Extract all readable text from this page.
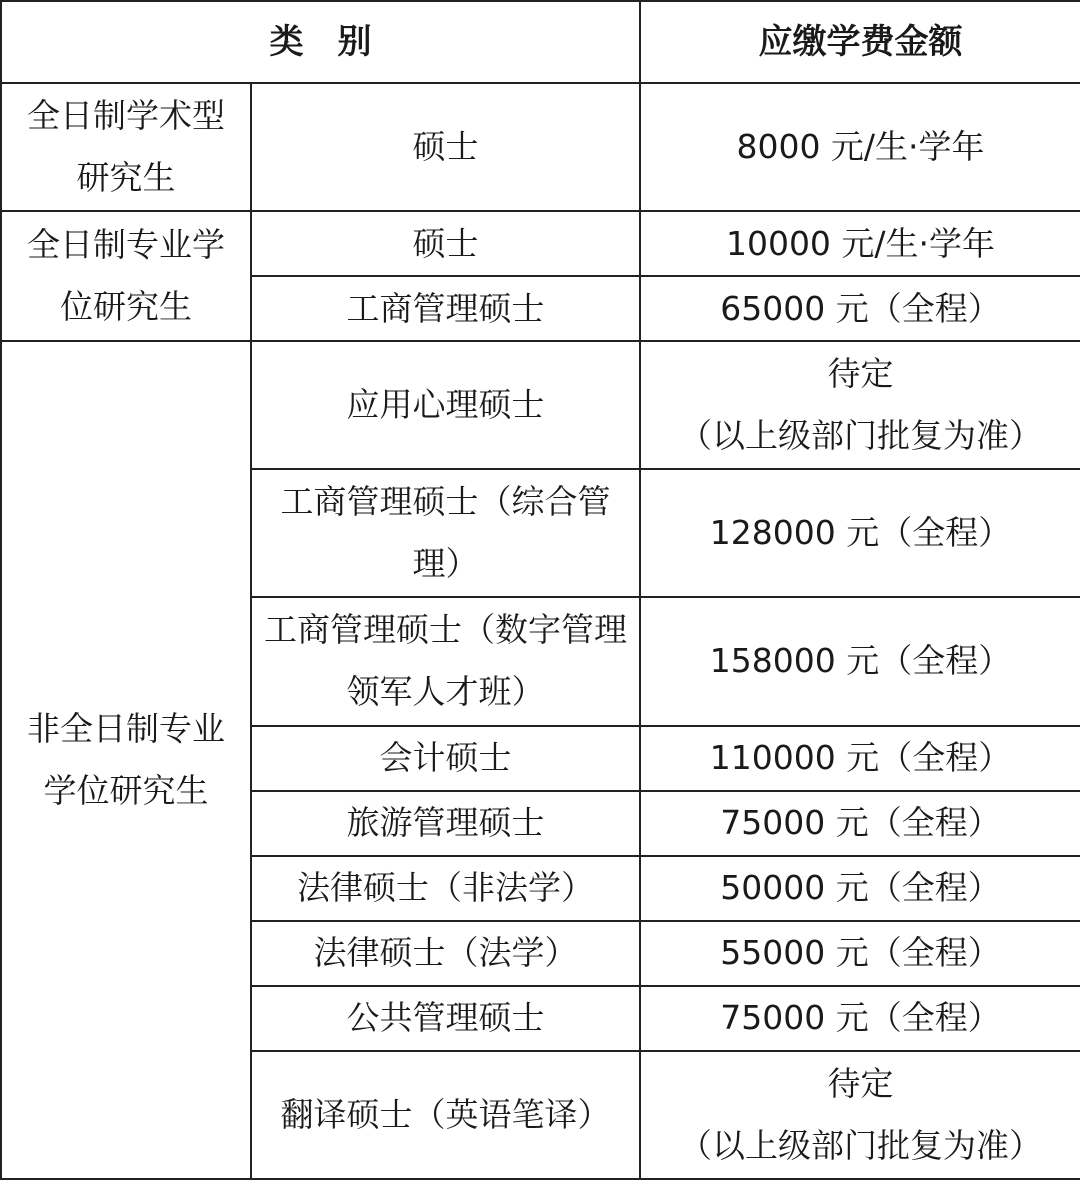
类　别		应缴学费金额
全日制学术型研究生	硕士	8000 元/生·学年
全日制专业学位研究生	硕士	10000 元/生·学年
	工商管理硕士	65000 元（全程）
非全日制专业学位研究生	应用心理硕士	待定
（以上级部门批复为准）
	工商管理硕士（综合管理）	128000 元（全程）
	工商管理硕士（数字管理领军人才班）	158000 元（全程）
	会计硕士	110000 元（全程）
	旅游管理硕士	75000 元（全程）
	法律硕士（非法学）	50000 元（全程）
	法律硕士（法学）	55000 元（全程）
	公共管理硕士	75000 元（全程）
	翻译硕士（英语笔译）	待定
（以上级部门批复为准）
